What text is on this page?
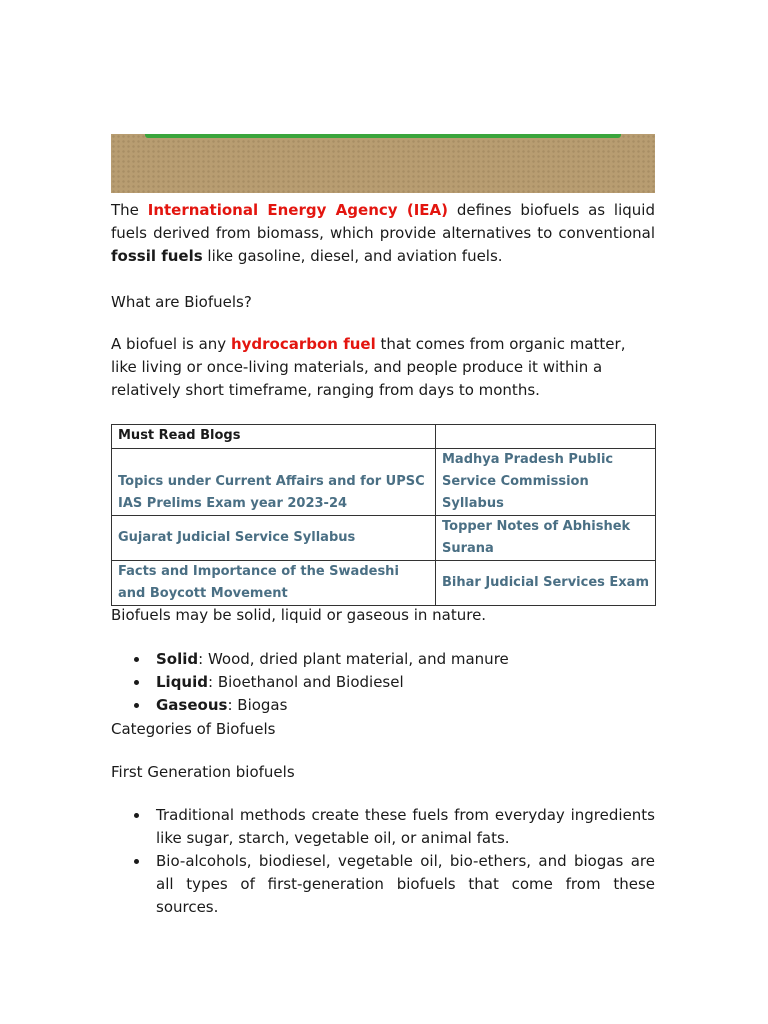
The International Energy Agency (IEA) defines biofuels as liquid fuels derived from biomass, which provide alternatives to conventional fossil fuels like gasoline, diesel, and aviation fuels.

What are Biofuels?

A biofuel is any hydrocarbon fuel that comes from organic matter, like living or once-living materials, and people produce it within a relatively short timeframe, ranging from days to months.

Must Read Blogs	
Topics under Current Affairs and for UPSC IAS Prelims Exam year 2023-24	Madhya Pradesh Public Service Commission Syllabus
Gujarat Judicial Service Syllabus	Topper Notes of Abhishek Surana
Facts and Importance of the Swadeshi and Boycott Movement	Bihar Judicial Services Exam

Biofuels may be solid, liquid or gaseous in nature.

Solid: Wood, dried plant material, and manure
Liquid: Bioethanol and Biodiesel
Gaseous: Biogas

Categories of Biofuels

First Generation biofuels

Traditional methods create these fuels from everyday ingredients like sugar, starch, vegetable oil, or animal fats.
Bio-alcohols, biodiesel, vegetable oil, bio-ethers, and biogas are all types of first-generation biofuels that come from these sources.
